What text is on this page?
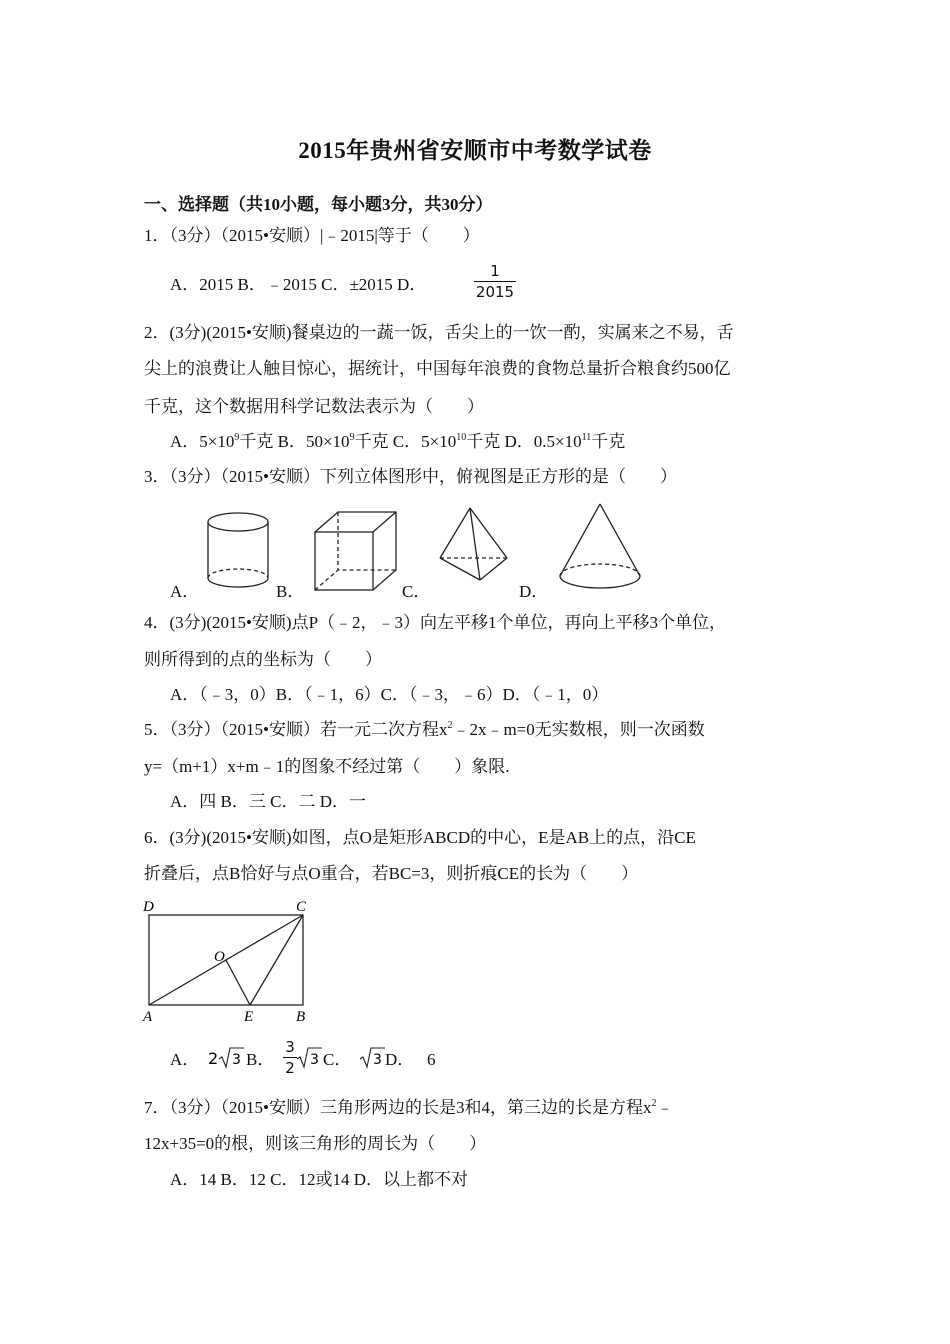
2015年贵州省安顺市中考数学试卷
一、选择题（共10小题，每小题3分，共30分）
1．（3分）（2015•安顺）|﹣2015|等于（　　）
A．2015 B．﹣2015 C．±2015 D．
1
2015
2．(3分)(2015•安顺)餐桌边的一蔬一饭，舌尖上的一饮一酌，实属来之不易，舌
尖上的浪费让人触目惊心，据统计，中国每年浪费的食物总量折合粮食约500亿
千克，这个数据用科学记数法表示为（　　）
A．$5\times 10^9$千克 B．$50\times 10^9$千克 C．$5\times 10^{10}$千克 D．$0.5\times 10^{11}$千克
3．（3分）（2015•安顺）下列立体图形中，俯视图是正方形的是（　　）
A．	B．	C．	D．
4．(3分)(2015•安顺)点P（﹣2，﹣3）向左平移1个单位，再向上平移3个单位，
则所得到的点的坐标为（　　）
A．（﹣3，0）B．（﹣1，6）C．（﹣3，﹣6）D．（﹣1，0）
5．（3分）（2015•安顺）若一元二次方程$x^2﹣2x﹣m=0$无实数根，则一次函数
y=（m+1）x+m﹣1的图象不经过第（　　）象限.
A．四 B．三 C．二 D．一
6．(3分)(2015•安顺)如图，点O是矩形ABCD的中心，E是AB上的点，沿CE
折叠后，点B恰好与点O重合，若BC=3，则折痕CE的长为（　　）
D	C
O
A	E	B
A． 2 3 B．
3
2 3 C． 3 D． 6
7．（3分）（2015•安顺）三角形两边的长是3和4，第三边的长是方程$x^2﹣$
12x+35=0的根，则该三角形的周长为（　　）
A．14 B．12 C．12或14 D．以上都不对
